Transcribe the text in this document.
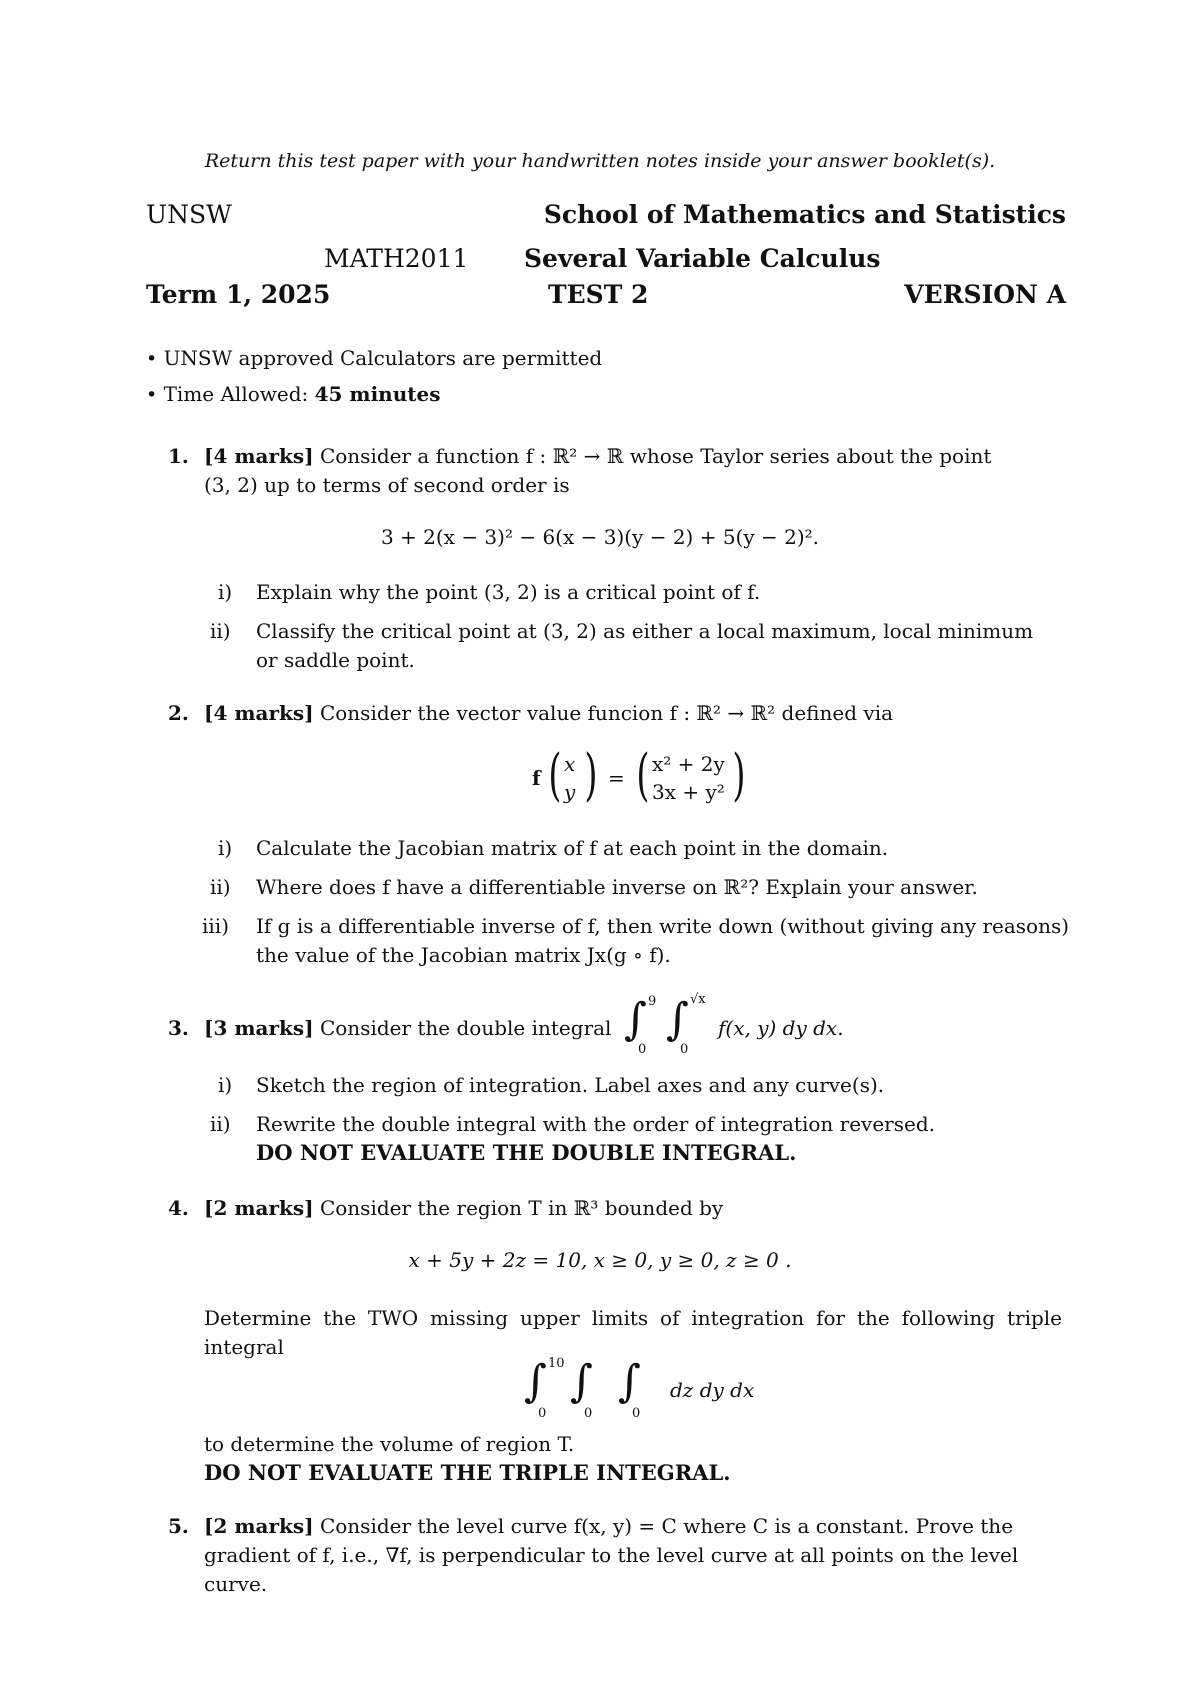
Return this test paper with your handwritten notes inside your answer booklet(s).
UNSW	School of Mathematics and Statistics
MATH2011 Several Variable Calculus
Term 1, 2025	TEST 2	VERSION A
• UNSW approved Calculators are permitted
• Time Allowed: 45 minutes
1. [4 marks] Consider a function f : ℝ² → ℝ whose Taylor series about the point
(3, 2) up to terms of second order is
3 + 2(x − 3)² − 6(x − 3)(y − 2) + 5(y − 2)².
i) Explain why the point (3, 2) is a critical point of f.
ii) Classify the critical point at (3, 2) as either a local maximum, local minimum
or saddle point.
2. [4 marks] Consider the vector value funcion f : ℝ² → ℝ² defined via
f ( x
y ) = ( x² + 2y
3x + y² )
i) Calculate the Jacobian matrix of f at each point in the domain.
ii) Where does f have a differentiable inverse on ℝ²? Explain your answer.
iii) If g is a differentiable inverse of f, then write down (without giving any reasons)
the value of the Jacobian matrix Jx(g ∘ f).
3. [3 marks] Consider the double integral ∫ 9
0
∫ √x
0
f(x, y) dy dx.
i) Sketch the region of integration. Label axes and any curve(s).
ii) Rewrite the double integral with the order of integration reversed.
DO NOT EVALUATE THE DOUBLE INTEGRAL.
4. [2 marks] Consider the region T in ℝ³ bounded by
x + 5y + 2z = 10, x ≥ 0, y ≥ 0, z ≥ 0 .
Determine the TWO missing upper limits of integration for the following triple integral
∫ 10
0
∫
0
∫
0
dz dy dx
to determine the volume of region T.
DO NOT EVALUATE THE TRIPLE INTEGRAL.
5. [2 marks] Consider the level curve f(x, y) = C where C is a constant. Prove the
gradient of f, i.e., ∇f, is perpendicular to the level curve at all points on the level
curve.
